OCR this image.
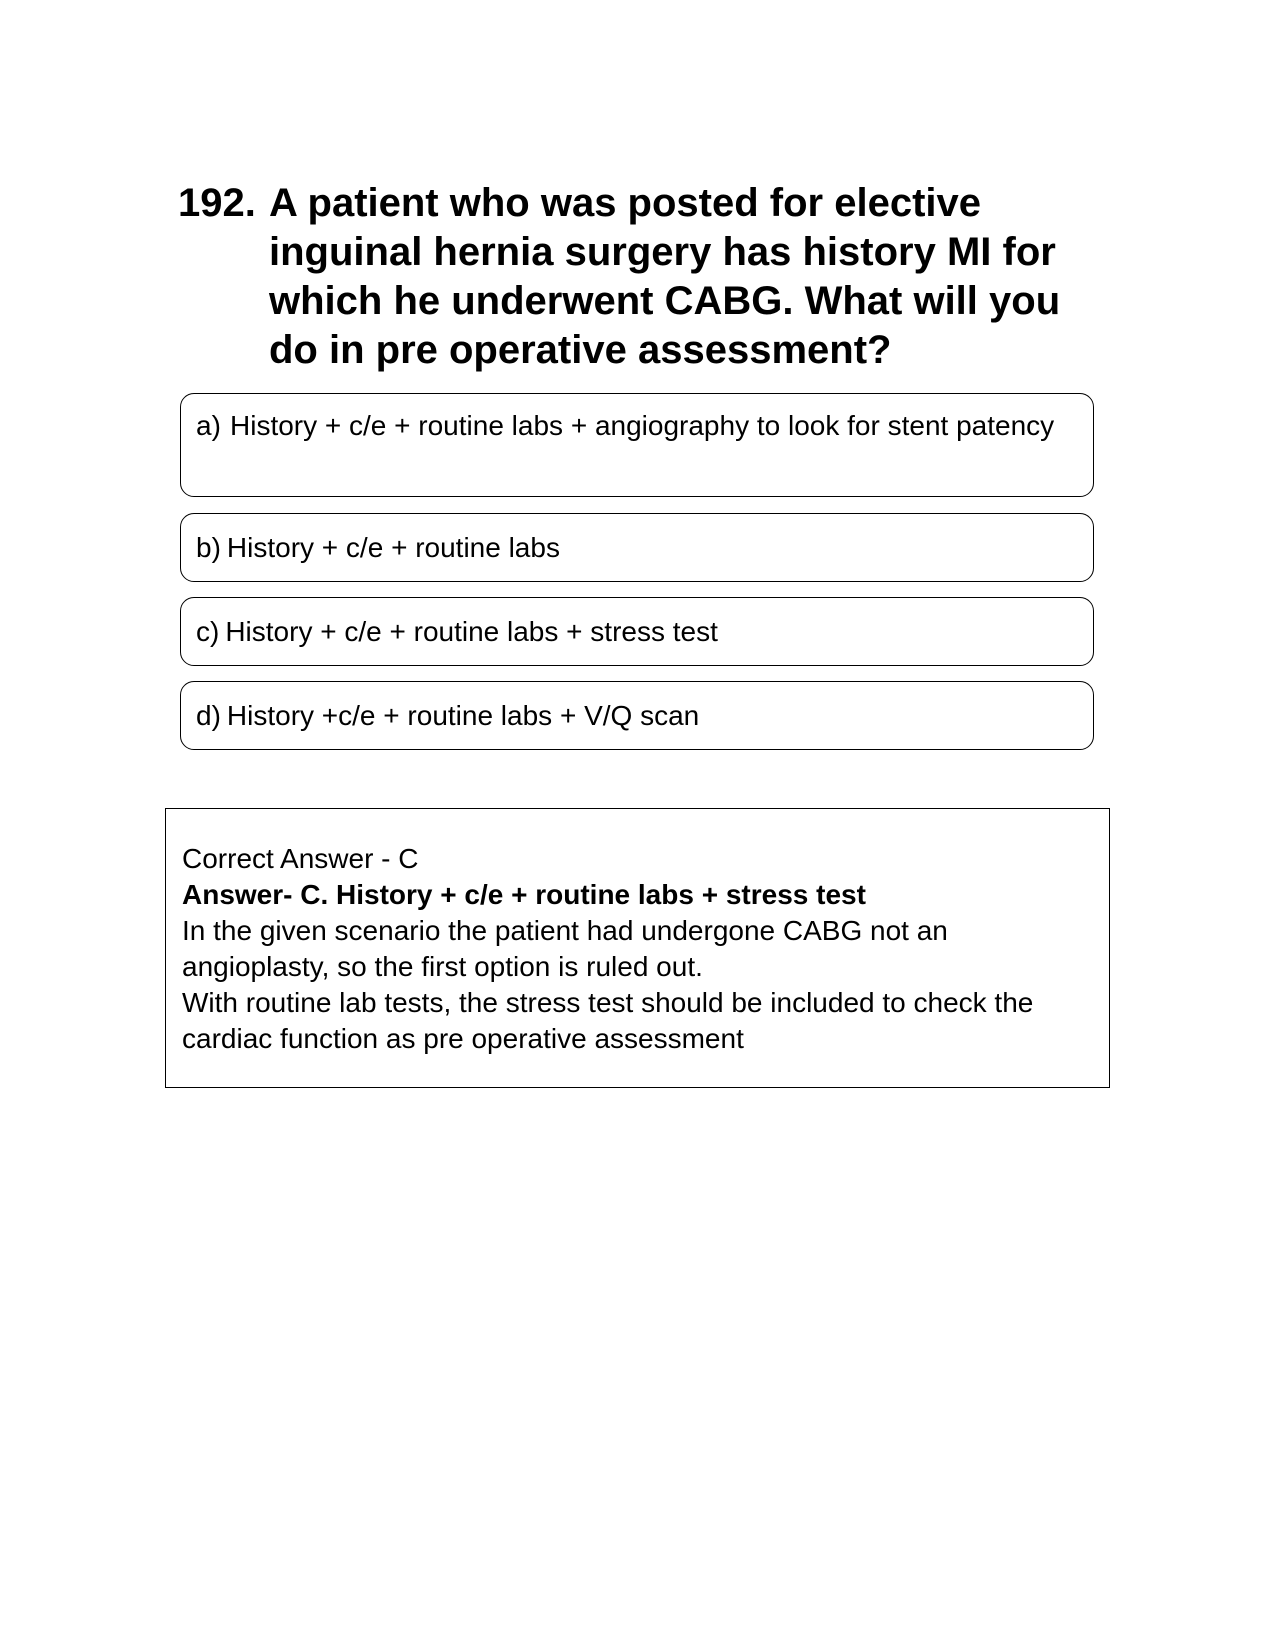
192. A patient who was posted for elective inguinal hernia surgery has history MI for which he underwent CABG. What will you do in pre operative assessment?
a) History + c/e + routine labs + angiography to look for stent patency
b) History + c/e + routine labs
c) History + c/e + routine labs + stress test
d) History +c/e + routine labs + V/Q scan

Correct Answer - C

Answer- C. History + c/e + routine labs + stress test

In the given scenario the patient had undergone CABG not an angioplasty, so the first option is ruled out.

With routine lab tests, the stress test should be included to check the cardiac function as pre operative assessment
